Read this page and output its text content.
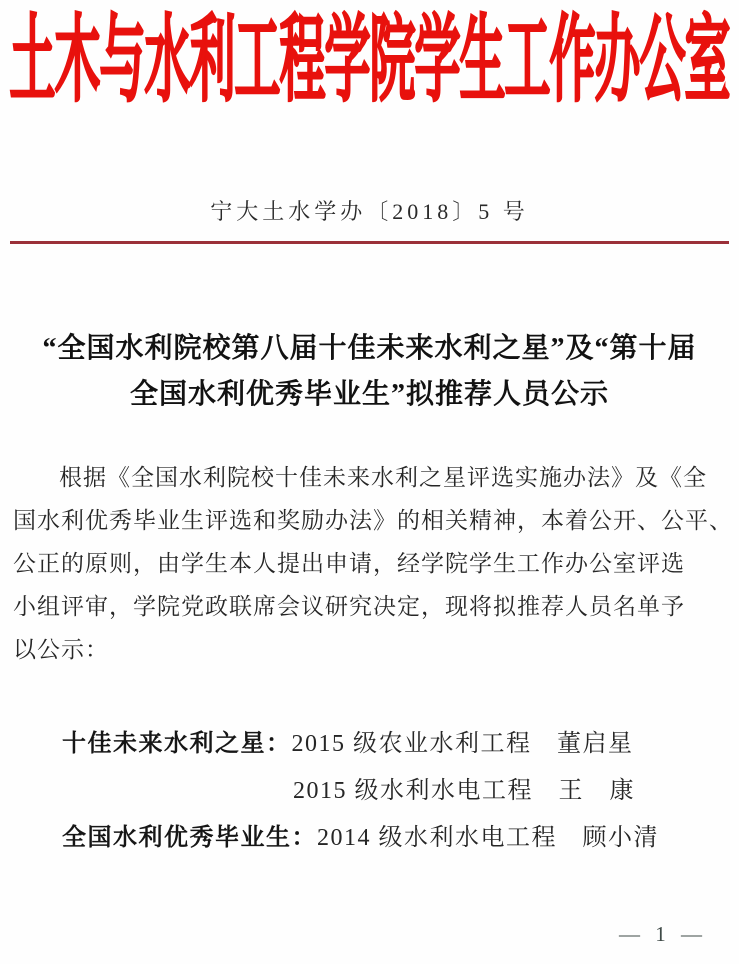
土木与水利工程学院学生工作办公室
宁大土水学办〔2018〕5 号
“全国水利院校第八届十佳未来水利之星”及“第十届
全国水利优秀毕业生”拟推荐人员公示
根据《全国水利院校十佳未来水利之星评选实施办法》及《全
国水利优秀毕业生评选和奖励办法》的相关精神，本着公开、公平、
公正的原则，由学生本人提出申请，经学院学生工作办公室评选
小组评审，学院党政联席会议研究决定，现将拟推荐人员名单予
以公示：
十佳未来水利之星：2015 级农业水利工程　董启星
2015 级水利水电工程　王　康
全国水利优秀毕业生：2014 级水利水电工程　顾小清
— 1 —
